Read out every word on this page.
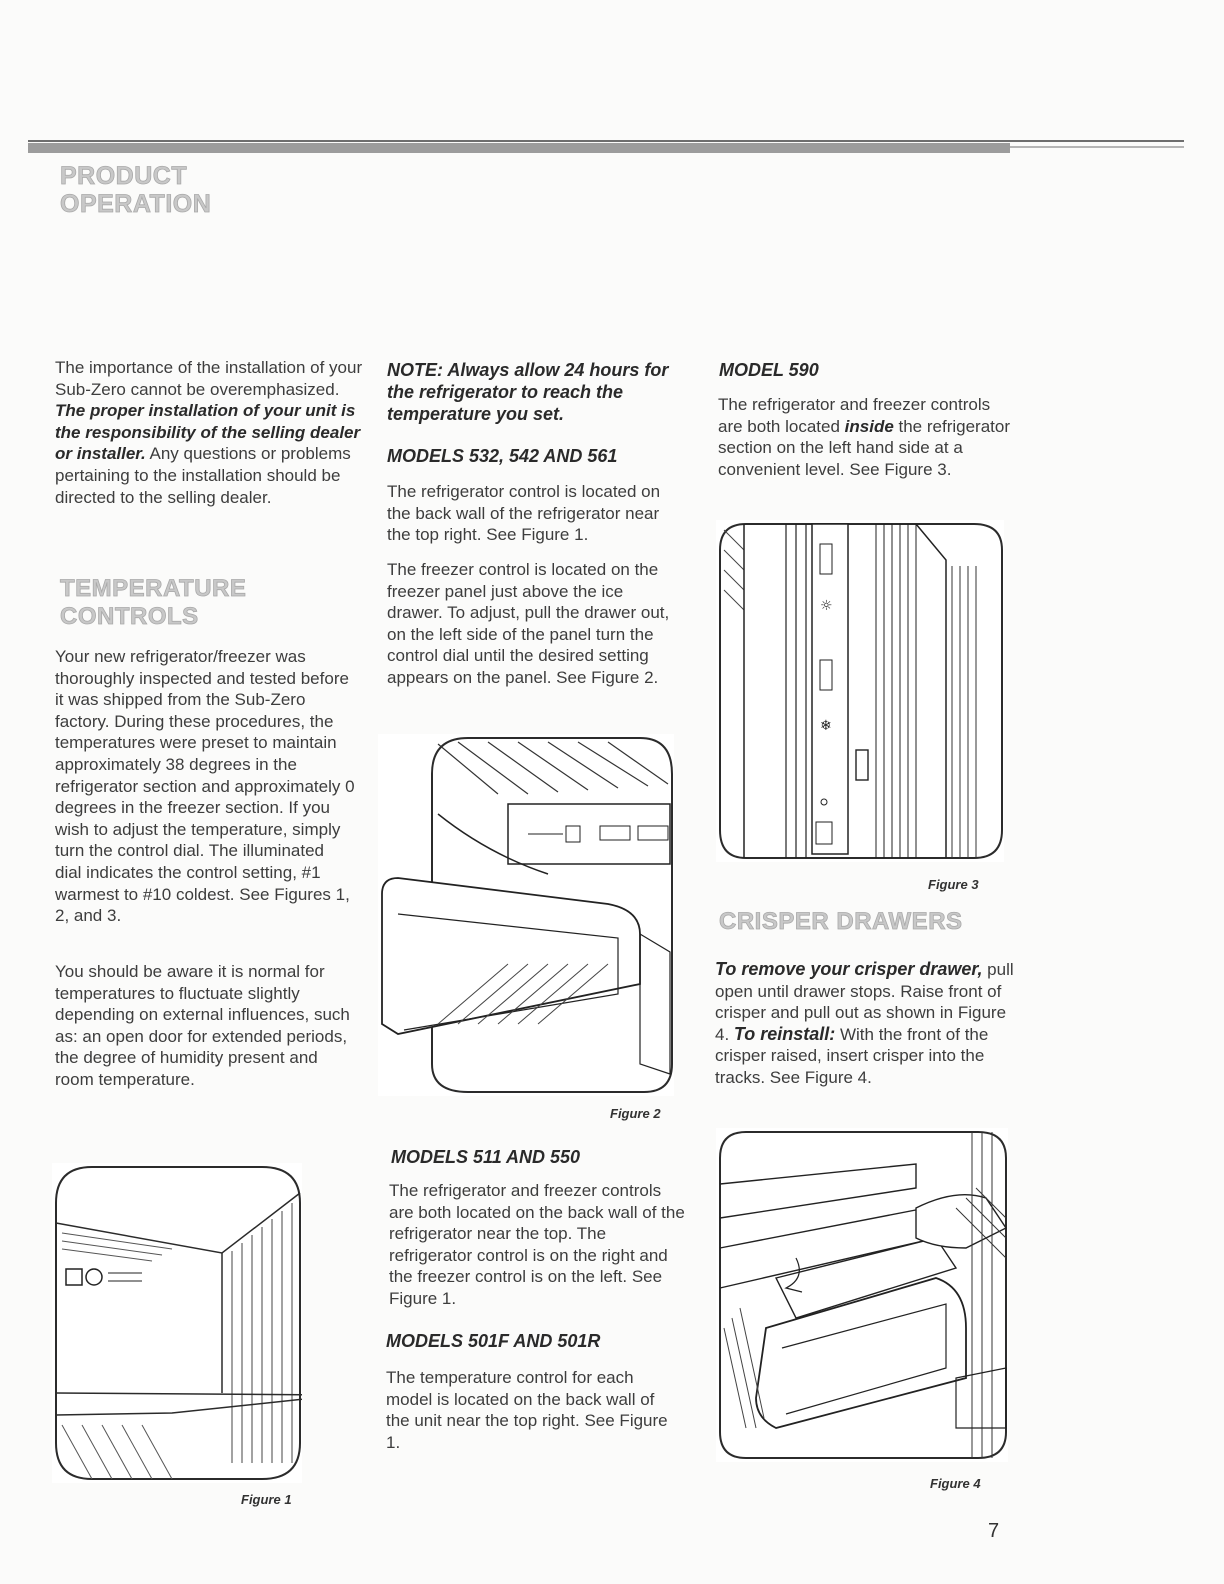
PRODUCT
OPERATION

The importance of the installation of your Sub-Zero cannot be overemphasized. The proper installation of your unit is the responsibility of the selling dealer or installer. Any questions or problems pertaining to the installation should be directed to the selling dealer.

TEMPERATURE
CONTROLS

Your new refrigerator/freezer was thoroughly inspected and tested before it was shipped from the Sub-Zero factory. During these procedures, the temperatures were preset to maintain approximately 38 degrees in the refrigerator section and approximately 0 degrees in the freezer section. If you wish to adjust the temperature, simply turn the control dial. The illuminated dial indicates the control setting, #1 warmest to #10 coldest. See Figures 1, 2, and 3.

You should be aware it is normal for temperatures to fluctuate slightly depending on external influences, such as: an open door for extended periods, the degree of humidity present and room temperature.

Figure 1
NOTE: Always allow 24 hours for the refrigerator to reach the temperature you set.
MODELS 532, 542 AND 561

The refrigerator control is located on the back wall of the refrigerator near the top right. See Figure 1.

The freezer control is located on the freezer panel just above the ice drawer. To adjust, pull the drawer out, on the left side of the panel turn the control dial until the desired setting appears on the panel. See Figure 2.

Figure 2
MODELS 511 AND 550

The refrigerator and freezer controls are both located on the back wall of the refrigerator near the top. The refrigerator control is on the right and the freezer control is on the left. See Figure 1.

MODELS 501F AND 501R

The temperature control for each model is located on the back wall of the unit near the top right. See Figure 1.

MODEL 590

The refrigerator and freezer controls are both located inside the refrigerator section on the left hand side at a convenient level. See Figure 3.

☼
❄
Figure 3
CRISPER DRAWERS

To remove your crisper drawer, pull open until drawer stops. Raise front of crisper and pull out as shown in Figure 4. To reinstall: With the front of the crisper raised, insert crisper into the tracks. See Figure 4.

Figure 4
7
